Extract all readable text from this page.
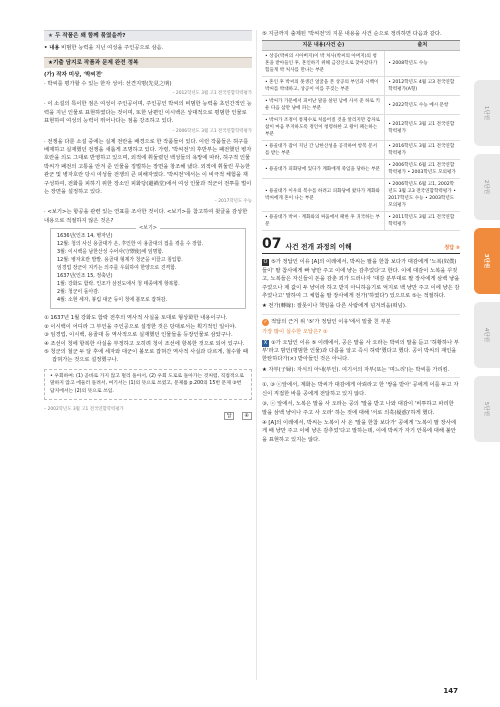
★ 두 작품은 왜 함께 묶였을까?
• 내용 비범한 능력을 지닌 여성을 주인공으로 삼음.
★기출 담지로 작품과 문제 완전 정복
(가) 작자 미상, '박씨전'
· 박씨를 평가할 수 있는 한자 성어: 선견지명(先見之明)
– 2012학년도 3월 고1 전국연합학력평가
· 이 소설의 특이한 점은 여성이 주인공이며, 주인공인 박씨의 비범한 능력을 초인간적인 능력을 지닌 인물로 표현하였다는 것이며, 또한 남편인 이시백은 상대적으로 평범한 인물로 표현하여 여성의 능력이 뛰어나다는 점을 강조하고 있다.
– 2006학년도 3월 고1 전국연합학력평가
· 전쟁을 다룬 소설 중에는 실제 전란을 배경으로 한 작품들이 있다. 이런 작품들은 허구를 배제하고 실재했던 전쟁을 새롭게 조명하고 있다. 가령, '박씨전'의 후반부는 패전했던 병자호란을 의도 그대로 반영하고 있으며, 외적에 휘둘렸던 백성들의 욕망에 따라, 허구적 인물 박씨가 패전의 고통을 안겨 준 인물을 징벌하는 장면을 창조해 냈다. 외적에 휘둘린 무능한 관군 및 병자호란 당시 여성들 전쟁의 큰 피해자였다. '박씨전'에서는 이 비극적 체험을 재구성하여, 전화를 피하기 위한 장소인 피화당(避禍堂)에서 여성 인물과 적군이 전투를 벌이는 장면을 설정하고 있다.
– 2017학년도 수능
· <보기>는 항공을 관련 있는 연표를 조사한 것이다. <보기>를 참고하여 윗글을 감상한 내용으로 적절하지 않은 것은?
<보기>
1636년(인조 14, 병자년)
12월: 청의 사신 용골대가 온, 후인한 이 용골대의 접을 겪을 수 장함.
3월: 이시백을 남한산성 수어사(守禦使)에 임명함.
12월: 병자호란 발발. 용골대 형제가 청군을 이끌고 침입함.
임경업 장군이 지키는 의주를 우회하여 한양으로 진격함.
1637년(인조 15, 정축년)
1월: 강화도 함락. 인조가 삼전도에서 청 태종에게 항복함.
2월: 청군이 돌아감.
4월: 소현 세자, 봉림 대군 등이 청에 볼모로 잡혀감.
① 1637년 1월 강화도 함락 전후의 역사적 사실을 토대로 형상화한 내용이구나.
② 이시백이 어디라 그 부인을 주인공으로 설정한 것은 당대로서는 획기적인 일이야.
③ 임경업, 이시백, 용골대 등 역사적으로 실재했던 인물들을 등장인물로 삼았구나.
④ 조선이 청에 항복한 사실을 부정하고 오히려 청이 조선에 항복한 것으로 되어 있구나.
⑤ 청군의 철군 두 달 후에 세자와 대군이 볼모로 잡혀간 역사적 사실과 다르게, 철수할 때 잡혀가는 것으로 설정했구나.
• 우회하여: (1) 곧바로 가지 않고 멀리 돌아서, (2) 우회 도로로 돌아가는 것처럼, 직접적으로 말하지 않고 에둘러 돌려서, 여기서는 (1)의 뜻으로 쓰였고, 문제를 p.200의 15번 문제 ③번 답지에서는 (2)의 뜻으로 쓰임.
– 2002학년도 3월 고1 전국연합학력평가
답	④
⑤ 지금까지 출제된 '박씨전'의 지문 내용을 사건 순으로 정리하면 다음과 같다.
지문 내용(사건 순)	출처
• 상공(박씨의 시아버지)이 박 처사(박씨의 아버지)의 청혼을 받아들인 후, 혼인하기 위해 금강산으로 찾아갔다가 힘들게 박 처사를 만나는 부분	• 2008학년도 수능
• 혼인 후 박씨의 못생긴 얼굴을 본 상공의 부인과 시백이 박씨를 박대하고, 상공이 이를 꾸짖는 부분	• 2012학년도 4월 고3 전국연합학력평가(A형)
• 박씨가 가문에서 피어난 말을 살핀 남에 사서 준 하로 키운 다음 삼만 냥에 파는 부분	• 2022학년도 수능 예시 문항
• 박씨가 조정이 통제수로 처롭어질 것을 알리지만 감자로 참이 마음 무지하도록 정인이 청령하한 고 왕이 패는하는 부분	• 2012학년도 3월 고1 전국연합학력평가
• 용골대가 잡이 지닌 간 남한산성을 공격하여 항복 문서를 받는 부분	• 2016학년도 3월 고1 전국연합학력평가
• 용골대가 피화당에 있다가 계화에게 죽임을 당하는 부분	• 2006학년도 6월 고1 전국연합학력평가 • 2003학년도 모의평가
• 용골대가 이우의 복수를 하려고 피화당에 왔다가 계화와 박씨에게 혼이 나는 부분	• 2006학년도 6월 고1, 2002학년도 3월 고3 전국연합학력평가 • 2017학년도 수능 • 2003학년도 모의평가
• 용골대가 박씨 · 계화와의 싸움에서 패한 후 귀국하는 부분	• 2011학년도 3월 고1 전국연합학력평가
07 사건 전개 과정의 이해	정답 ⑤
O ⑤가 정답인 이유 [A]의 이레에서, 박씨는 팔을 한참 보다가 대감에게 '노복(奴僕)들이' 팔 참사에게 빠 냥만 주고 이에 냥는 감추었다'고 한다. 이에 대감이 노복을 꾸짖고, 노복들은 자신들이 돈을 감춘 죄가 드러나자 '대감 분부대로 팔 장사에게 삼백 냥을 주었으나 제 값이 두 냥이라 하고 받지 아니하옵기로 억지로 백 냥만 주고 이에 냥은 감추었나고' 말하여 그 체험을 팔 장사에게 전가('하였다') 있으므로 ⑤는 적절하다.
★ 전가(轉嫁): 잘못이나 책임을 다른 사람에게 넘겨씌움(떠넘).
✓ 적답의 근거 위 '⑤'가 정답인 이유'에서 밑줄 친 부분
가장 많이 실수한 오답은? ②
X ②가 오답인 이유 ⑤ 이레에서, 공은 말을 사 오라는 박씨의 말을 듣고 '허황하나 부부'라고 밤인(평범한 인물)과 다름을 알고 즉시 허락'했다고 했다. 공이 박씨의 재인을 한탄하다가(×) 받아들인 것은 아니다.
★ 자부(子婦): 자식의 아내(부인). 여기서의 자부(또는 '며느리')는 박씨를 가리킴.
①, ③ ⓒ앞에서, 계화는 박씨가 대감에게 아뢰라고 한 '쌍을 받아' 공에게 이를 두고 자신이 직접한 바를 공에게 전달하고 있지 않다.
③, ⓒ 앞에서, 노복은 말을 사 오라는 공의 '말을 받고 나와 대감이 '비투하고 파리한 말을 삼백 냥이나 주고 사 오라' 하는 것에 대해 '서로 의혹(疑惑)'하게 했다.
④ [A]의 이레에서, 박씨는 노복이 사 온 '말을 한참 보다가' 공에게 '노복이 팔 장사에게 배 냥만 주고 이에 냥은 감추었'다고 말하는데, 이에 박씨가 자기 안목에 대해 불안을 표현하고 있지는 않다.
1단원
2단원
3단원
4단원
5단원
147
